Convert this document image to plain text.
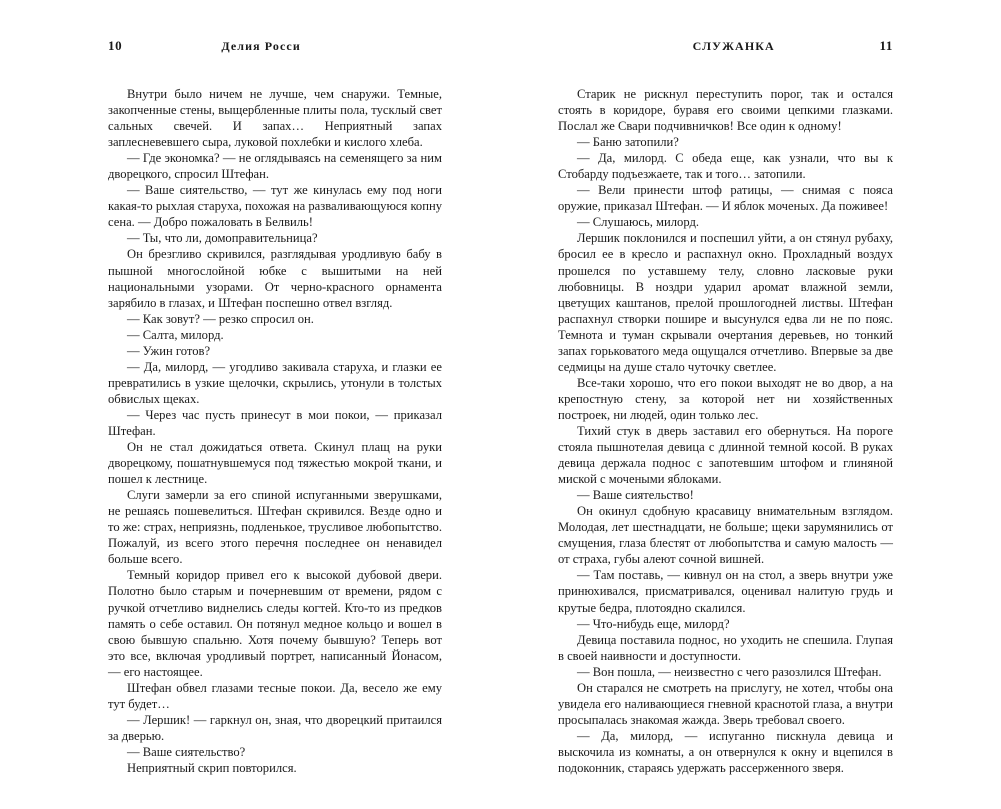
10	Делия Росси

Внутри было ничем не лучше, чем снаружи. Темные, закопченные стены, выщербленные плиты пола, тусклый свет сальных свечей. И запах… Неприятный запах заплесневевшего сыра, луковой похлебки и кислого хлеба.

— Где экономка? — не оглядываясь на семенящего за ним дворецкого, спросил Штефан.

— Ваше сиятельство, — тут же кинулась ему под ноги какая-то рыхлая старуха, похожая на разваливающуюся копну сена. — Добро пожаловать в Белвиль!

— Ты, что ли, домоправительница?

Он брезгливо скривился, разглядывая уродливую бабу в пышной многослойной юбке с вышитыми на ней национальными узорами. От черно-красного орнамента зарябило в глазах, и Штефан поспешно отвел взгляд.

— Как зовут? — резко спросил он.

— Салта, милорд.

— Ужин готов?

— Да, милорд, — угодливо закивала старуха, и глазки ее превратились в узкие щелочки, скрылись, утонули в толстых обвислых щеках.

— Через час пусть принесут в мои покои, — приказал Штефан.

Он не стал дожидаться ответа. Скинул плащ на руки дворецкому, пошатнувшемуся под тяжестью мокрой ткани, и пошел к лестнице.

Слуги замерли за его спиной испуганными зверушками, не решаясь пошевелиться. Штефан скривился. Везде одно и то же: страх, неприязнь, подленькое, трусливое любопытство. Пожалуй, из всего этого перечня последнее он ненавидел больше всего.

Темный коридор привел его к высокой дубовой двери. Полотно было старым и почерневшим от времени, рядом с ручкой отчетливо виднелись следы когтей. Кто-то из предков память о себе оставил. Он потянул медное кольцо и вошел в свою бывшую спальню. Хотя почему бывшую? Теперь вот это все, включая уродливый портрет, написанный Йонасом, — его настоящее.

Штефан обвел глазами тесные покои. Да, весело же ему тут будет…

— Лершик! — гаркнул он, зная, что дворецкий притаился за дверью.

— Ваше сиятельство?

Неприятный скрип повторился.

СЛУЖАНКА	11

Старик не рискнул переступить порог, так и остался стоять в коридоре, буравя его своими цепкими глазками. Послал же Свари подчивничков! Все один к одному!

— Баню затопили?

— Да, милорд. С обеда еще, как узнали, что вы к Стобарду подъезжаете, так и того… затопили.

— Вели принести штоф ратицы, — снимая с пояса оружие, приказал Штефан. — И яблок моченых. Да поживее!

— Слушаюсь, милорд.

Лершик поклонился и поспешил уйти, а он стянул рубаху, бросил ее в кресло и распахнул окно. Прохладный воздух прошелся по уставшему телу, словно ласковые руки любовницы. В ноздри ударил аромат влажной земли, цветущих каштанов, прелой прошлогодней листвы. Штефан распахнул створки пошире и высунулся едва ли не по пояс. Темнота и туман скрывали очертания деревьев, но тонкий запах горьковатого меда ощущался отчетливо. Впервые за две седмицы на душе стало чуточку светлее.

Все-таки хорошо, что его покои выходят не во двор, а на крепостную стену, за которой нет ни хозяйственных построек, ни людей, один только лес.

Тихий стук в дверь заставил его обернуться. На пороге стояла пышнотелая девица с длинной темной косой. В руках девица держала поднос с запотевшим штофом и глиняной миской с мочеными яблоками.

— Ваше сиятельство!

Он окинул сдобную красавицу внимательным взглядом. Молодая, лет шестнадцати, не больше; щеки зарумянились от смущения, глаза блестят от любопытства и самую малость — от страха, губы алеют сочной вишней.

— Там поставь, — кивнул он на стол, а зверь внутри уже принюхивался, присматривался, оценивал налитую грудь и крутые бедра, плотоядно скалился.

— Что-нибудь еще, милорд?

Девица поставила поднос, но уходить не спешила. Глупая в своей наивности и доступности.

— Вон пошла, — неизвестно с чего разозлился Штефан.

Он старался не смотреть на прислугу, не хотел, чтобы она увидела его наливающиеся гневной краснотой глаза, а внутри просыпалась знакомая жажда. Зверь требовал своего.

— Да, милорд, — испуганно пискнула девица и выскочила из комнаты, а он отвернулся к окну и вцепился в подоконник, стараясь удержать рассерженного зверя.
